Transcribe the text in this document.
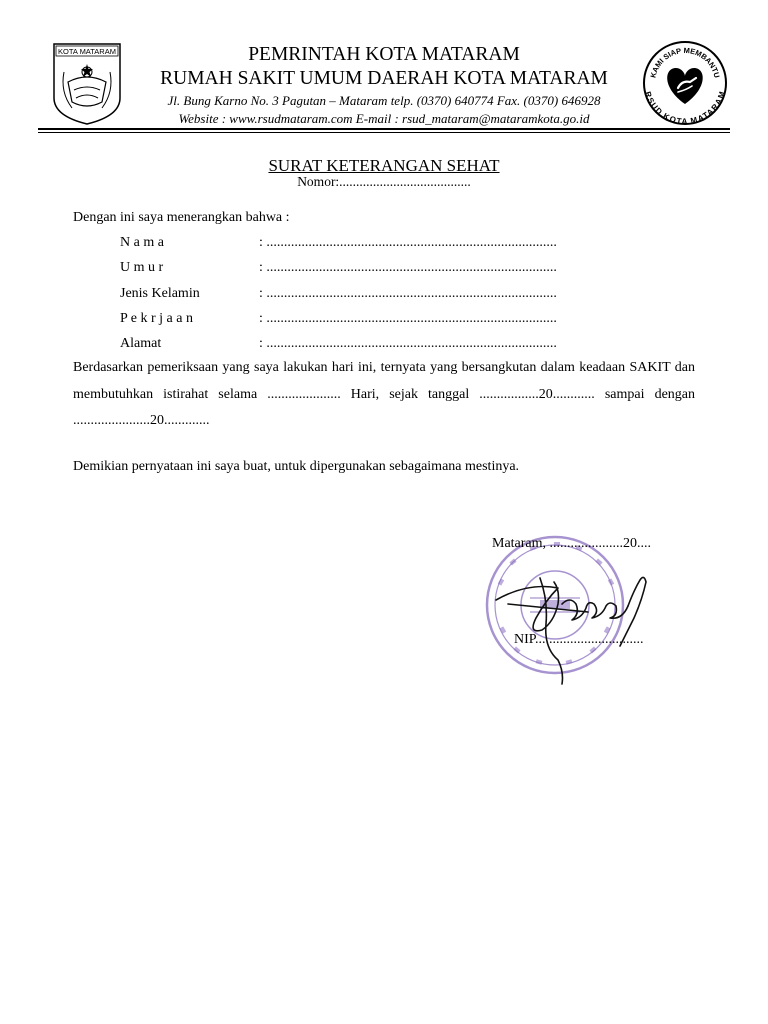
KOTA MATARAM	PEMRINTAH KOTA MATARAM
RUMAH SAKIT UMUM DAERAH KOTA MATARAM
Jl. Bung Karno No. 3 Pagutan – Mataram telp. (0370) 640774 Fax. (0370) 646928
Website : www.rsudmataram.com E-mail : rsud_mataram@mataramkota.go.id
KAMI SIAP MEMBANTU
RSUD KOTA MATARAM
SURAT KETERANGAN SEHAT
Nomor:.......................................
Dengan ini saya menerangkan bahwa :
N a m a	: ...................................................................................
U m u r	: ...................................................................................
Jenis Kelamin	: ...................................................................................
P e k r j a a n	: ...................................................................................
Alamat	: ...................................................................................
Berdasarkan pemeriksaan yang saya lakukan hari ini, ternyata yang bersangkutan dalam keadaan SAKIT dan membutuhkan istirahat selama ..................... Hari, sejak tanggal .................20............ sampai dengan ......................20.............
Demikian pernyataan ini saya buat, untuk dipergunakan sebagaimana mestinya.
Mataram, .....................20....
NIP...............................
